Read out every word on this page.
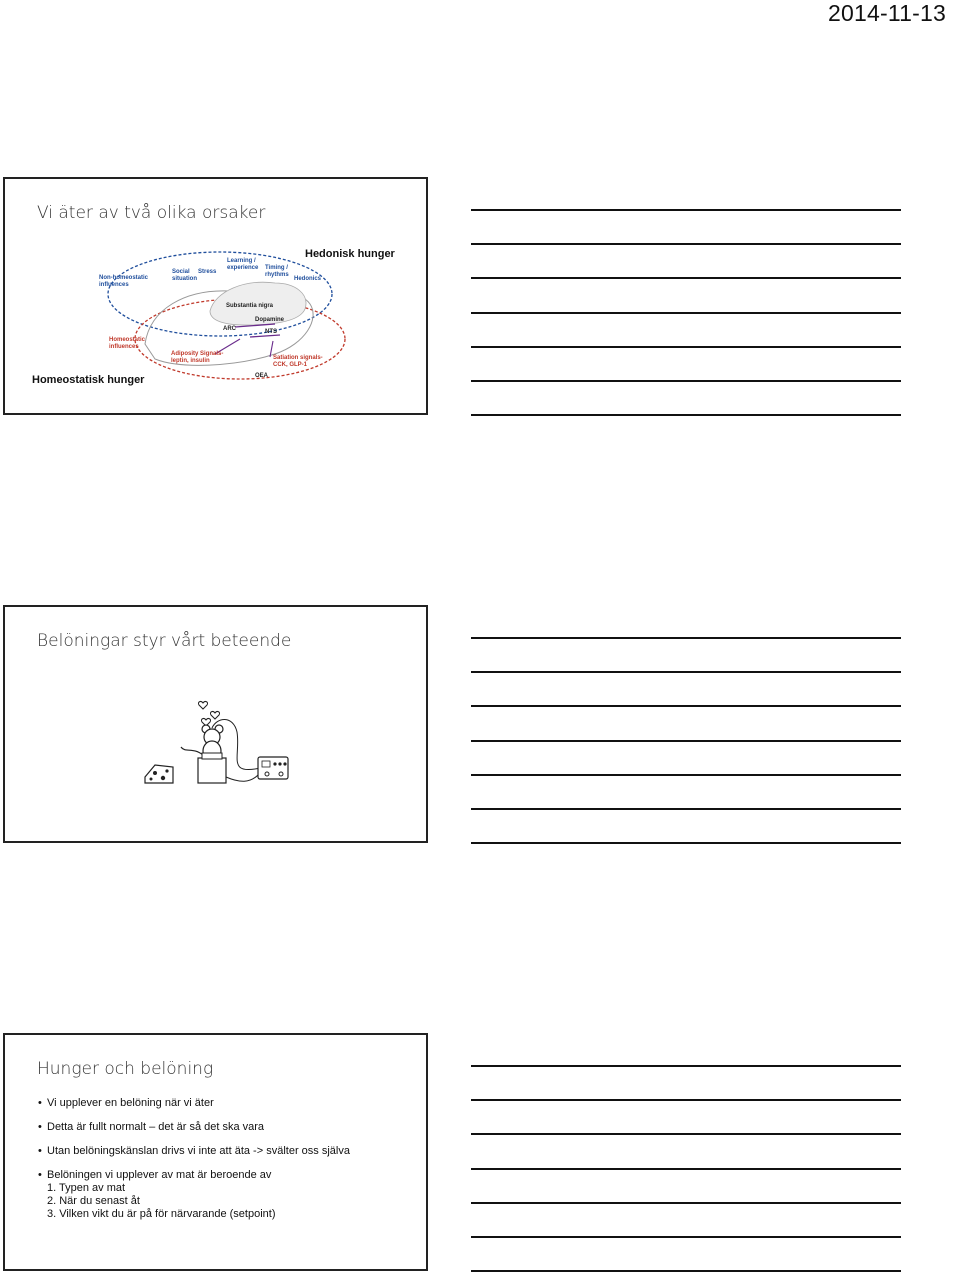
2014-11-13
Vi äter av två olika orsaker
Hedonisk hunger
Homeostatisk hunger
Non-homeostatic
influences
Social
situation
Stress
Learning /
experience Timing /
rhythms
Hedonics
Substantia nigra
Dopamine
ARC	NTS
Homeostatic
influences
Adiposity Signals-
leptin, insulin	Satiation signals-
CCK, GLP-1
OEA
Belöningar styr vårt beteende
Hunger och belöning
• Vi upplever en belöning när vi äter
• Detta är fullt normalt – det är så det ska vara
• Utan belöningskänslan drivs vi inte att äta -> svälter oss själva
• Belöningen vi upplever av mat är beroende av
1. Typen av mat
2. När du senast åt
3. Vilken vikt du är på för närvarande (setpoint)
